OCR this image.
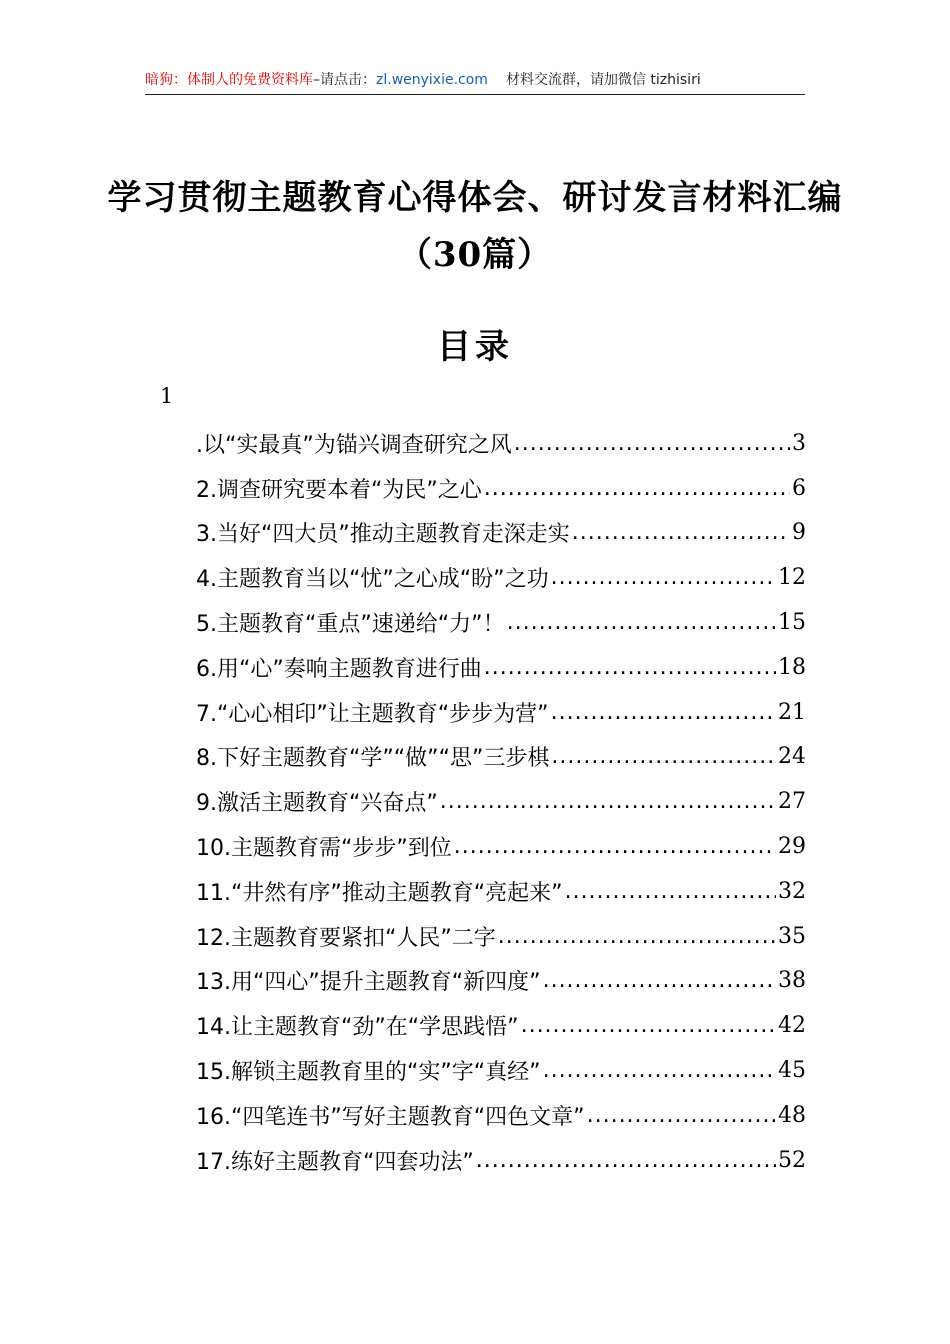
暗狗：体制人的免费资料库–请点击：zl.wenyixie.com 材料交流群，请加微信 tizhisiri
学习贯彻主题教育心得体会、研讨发言材料汇编（30篇）
目录
1
.以“实最真”为锚兴调查研究之风 .....	3
2.调查研究要本着“为民”之心 .....	6
3.当好“四大员”推动主题教育走深走实 .....	9
4.主题教育当以“忧”之心成“盼”之功 .....	12
5.主题教育“重点”速递给“力”！ .....	15
6.用“心”奏响主题教育进行曲 .....	18
7.“心心相印”让主题教育“步步为营” .....	21
8.下好主题教育“学”“做”“思”三步棋 .....	24
9.激活主题教育“兴奋点” .....	27
10.主题教育需“步步”到位 .....	29
11.“井然有序”推动主题教育“亮起来” .....	32
12.主题教育要紧扣“人民”二字 .....	35
13.用“四心”提升主题教育“新四度” .....	38
14.让主题教育“劲”在“学思践悟” .....	42
15.解锁主题教育里的“实”字“真经” .....	45
16.“四笔连书”写好主题教育“四色文章” .....	48
17.练好主题教育“四套功法” .....	52
